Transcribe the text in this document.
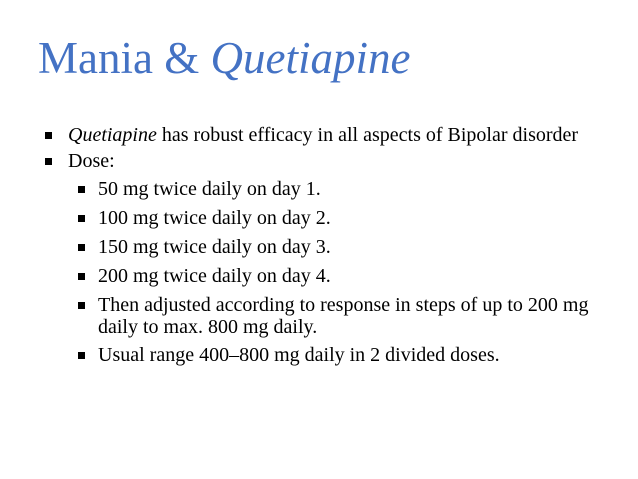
Mania & Quetiapine
Quetiapine has robust efficacy in all aspects of Bipolar disorder
Dose:
50 mg twice daily on day 1.
100 mg twice daily on day 2.
150 mg twice daily on day 3.
200 mg twice daily on day 4.
Then adjusted according to response in steps of up to 200 mg daily to max. 800 mg daily.
Usual range 400–800 mg daily in 2 divided doses.
